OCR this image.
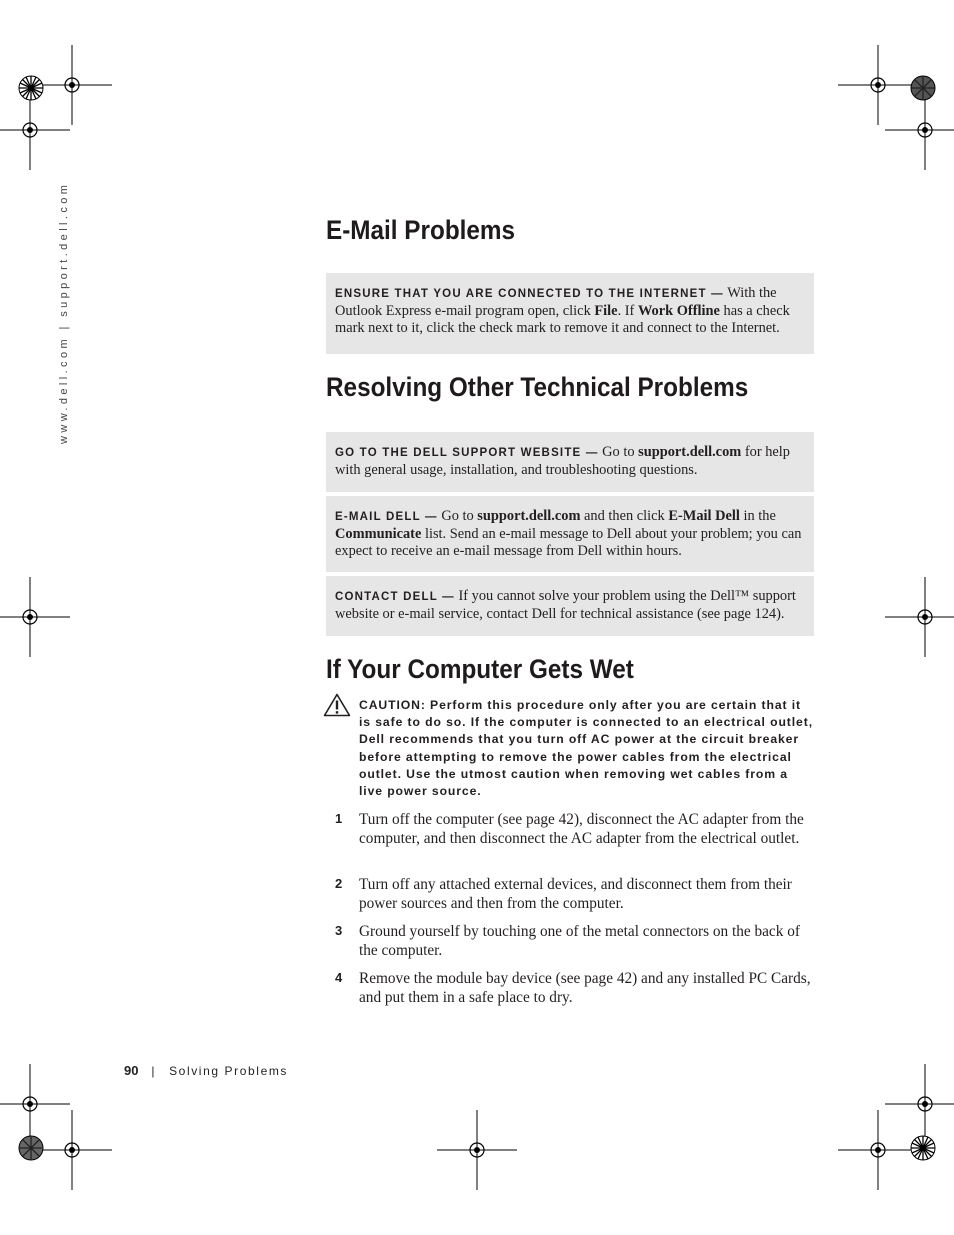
www.dell.com | support.dell.com	E-Mail Problems
ENSURE THAT YOU ARE CONNECTED TO THE INTERNET — With the Outlook Express e-mail program open, click File. If Work Offline has a check mark next to it, click the check mark to remove it and connect to the Internet.
Resolving Other Technical Problems
GO TO THE DELL SUPPORT WEBSITE — Go to support.dell.com for help with general usage, installation, and troubleshooting questions.
E-MAIL DELL — Go to support.dell.com and then click E-Mail Dell in the Communicate list. Send an e-mail message to Dell about your problem; you can expect to receive an e-mail message from Dell within hours.
CONTACT DELL — If you cannot solve your problem using the Dell™ support website or e-mail service, contact Dell for technical assistance (see page 124).
If Your Computer Gets Wet
CAUTION: Perform this procedure only after you are certain that it is safe to do so. If the computer is connected to an electrical outlet, Dell recommends that you turn off AC power at the circuit breaker before attempting to remove the power cables from the electrical outlet. Use the utmost caution when removing wet cables from a live power source.
1 Turn off the computer (see page 42), disconnect the AC adapter from the computer, and then disconnect the AC adapter from the electrical outlet.
2 Turn off any attached external devices, and disconnect them from their power sources and then from the computer.
3 Ground yourself by touching one of the metal connectors on the back of the computer.
4 Remove the module bay device (see page 42) and any installed PC Cards, and put them in a safe place to dry.
90 | Solving Problems
